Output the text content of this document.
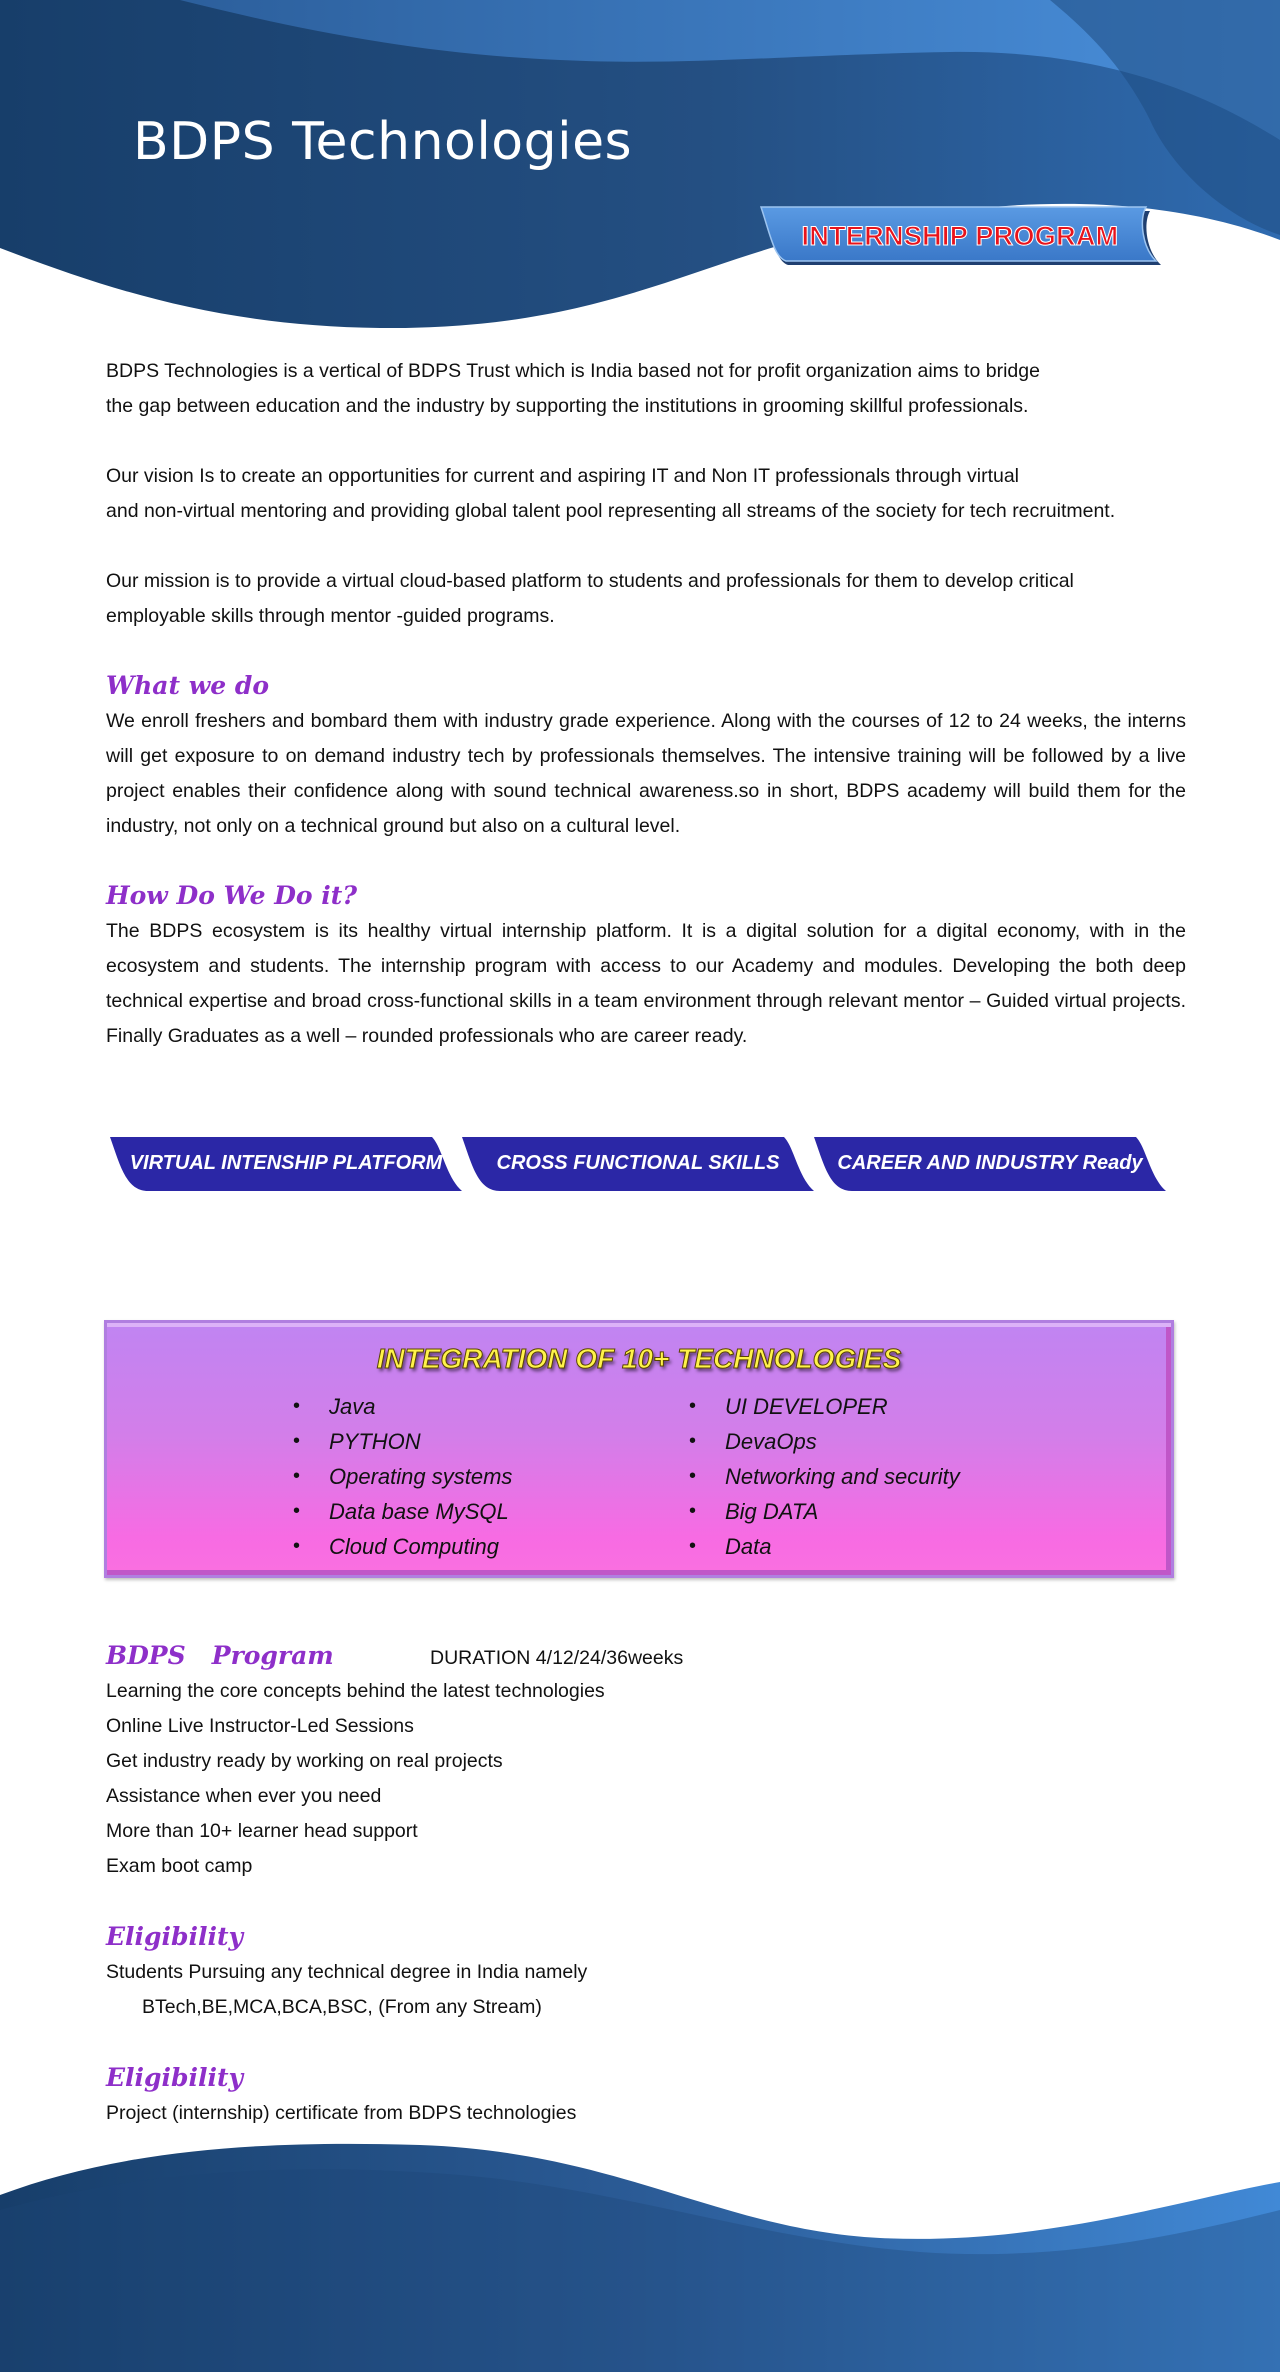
BDPS Technologies
INTERNSHIP PROGRAM

BDPS Technologies is a vertical of BDPS Trust which is India based not for profit organization aims to bridge
the gap between education and the industry by supporting the institutions in grooming skillful professionals.

Our vision Is to create an opportunities for current and aspiring IT and Non IT professionals through virtual
and non-virtual mentoring and providing global talent pool representing all streams of the society for tech recruitment.

Our mission is to provide a virtual cloud-based platform to students and professionals for them to develop critical
employable skills through mentor -guided programs.

What we do

We enroll freshers and bombard them with industry grade experience. Along with the courses of 12 to 24 weeks, the interns will get exposure to on demand industry tech by professionals themselves. The intensive training will be followed by a live project enables their confidence along with sound technical awareness.so in short, BDPS academy will build them for the industry, not only on a technical ground but also on a cultural level.

How Do We Do it?

The BDPS ecosystem is its healthy virtual internship platform. It is a digital solution for a digital economy, with in the ecosystem and students. The internship program with access to our Academy and modules. Developing the both deep technical expertise and broad cross-functional skills in a team environment through relevant mentor – Guided virtual projects. Finally Graduates as a well – rounded professionals who are career ready.

VIRTUAL INTENSHIP PLATFORM	CROSS FUNCTIONAL SKILLS	CAREER AND INDUSTRY Ready
INTEGRATION OF 10+ TECHNOLOGIES
• Java
• PYTHON
• Operating systems
• Data base MySQL
• Cloud Computing
• UI DEVELOPER
• DevaOps
• Networking and security
• Big DATA
• Data
BDPS   Program	DURATION 4/12/24/36weeks

Learning the core concepts behind the latest technologies

Online Live Instructor-Led Sessions

Get industry ready by working on real projects

Assistance when ever you need

More than 10+ learner head support

Exam boot camp

Eligibility

Students Pursuing any technical degree in India namely

BTech,BE,MCA,BCA,BSC, (From any Stream)

Eligibility

Project (internship) certificate from BDPS technologies
